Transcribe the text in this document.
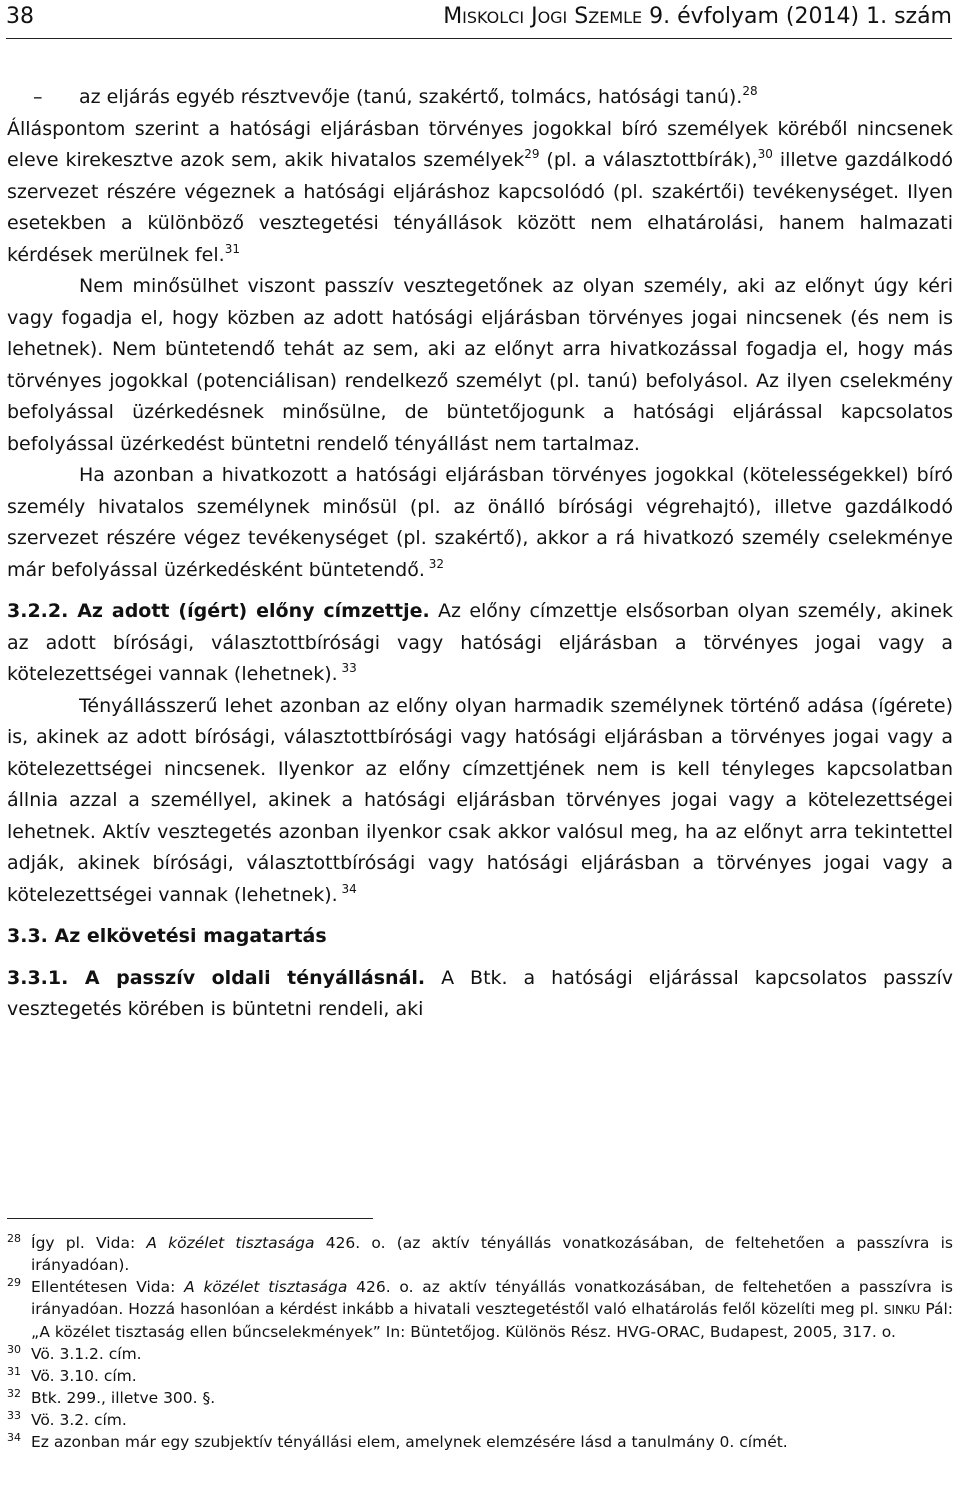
38	MISKOLCI JOGI SZEMLE 9. évfolyam (2014) 1. szám
–	az eljárás egyéb résztvevője (tanú, szakértő, tolmács, hatósági tanú).$^{28}$

Álláspontom szerint a hatósági eljárásban törvényes jogokkal bíró személyek köréből nincsenek eleve kirekesztve azok sem, akik hivatalos személyek$^{29}$ (pl. a választottbírák),$^{30}$ illetve gazdálkodó szervezet részére végeznek a hatósági eljáráshoz kapcsolódó (pl. szakértői) tevékenységet. Ilyen esetekben a különböző vesztegetési tényállások között nem elhatárolási, hanem halmazati kérdések merülnek fel.$^{31}$

Nem minősülhet viszont passzív vesztegetőnek az olyan személy, aki az előnyt úgy kéri vagy fogadja el, hogy közben az adott hatósági eljárásban törvényes jogai nincsenek (és nem is lehetnek). Nem büntetendő tehát az sem, aki az előnyt arra hivatkozással fogadja el, hogy más törvényes jogokkal (potenciálisan) rendelkező személyt (pl. tanú) befolyásol. Az ilyen cselekmény befolyással üzérkedésnek minősülne, de büntetőjogunk a hatósági eljárással kapcsolatos befolyással üzérkedést büntetni rendelő tényállást nem tartalmaz.

Ha azonban a hivatkozott a hatósági eljárásban törvényes jogokkal (kötelességekkel) bíró személy hivatalos személynek minősül (pl. az önálló bírósági végrehajtó), illetve gazdálkodó szervezet részére végez tevékenységet (pl. szakértő), akkor a rá hivatkozó személy cselekménye már befolyással üzérkedésként büntetendő. $^{32}$

3.2.2. Az adott (ígért) előny címzettje. Az előny címzettje elsősorban olyan személy, akinek az adott bírósági, választottbírósági vagy hatósági eljárásban a törvényes jogai vagy a kötelezettségei vannak (lehetnek). $^{33}$

Tényállásszerű lehet azonban az előny olyan harmadik személynek történő adása (ígérete) is, akinek az adott bírósági, választottbírósági vagy hatósági eljárásban a törvényes jogai vagy a kötelezettségei nincsenek. Ilyenkor az előny címzettjének nem is kell tényleges kapcsolatban állnia azzal a személlyel, akinek a hatósági eljárásban törvényes jogai vagy a kötelezettségei lehetnek. Aktív vesztegetés azonban ilyenkor csak akkor valósul meg, ha az előnyt arra tekintettel adják, akinek bírósági, választottbírósági vagy hatósági eljárásban a törvényes jogai vagy a kötelezettségei vannak (lehetnek). $^{34}$

3.3. Az elkövetési magatartás

3.3.1. A passzív oldali tényállásnál. A Btk. a hatósági eljárással kapcsolatos passzív vesztegetés körében is büntetni rendeli, aki

28 Így pl. Vida: A közélet tisztasága 426. o. (az aktív tényállás vonatkozásában, de feltehetően a passzívra is irányadóan).
29 Ellentétesen Vida: A közélet tisztasága 426. o. az aktív tényállás vonatkozásában, de feltehetően a passzívra is irányadóan. Hozzá hasonlóan a kérdést inkább a hivatali vesztegetéstől való elhatárolás felől közelíti meg pl. SINKU Pál: „A közélet tisztaság ellen bűncselekmények” In: Büntetőjog. Különös Rész. HVG-ORAC, Budapest, 2005, 317. o.
30 Vö. 3.1.2. cím.
31 Vö. 3.10. cím.
32 Btk. 299., illetve 300. §.
33 Vö. 3.2. cím.
34 Ez azonban már egy szubjektív tényállási elem, amelynek elemzésére lásd a tanulmány 0. címét.
